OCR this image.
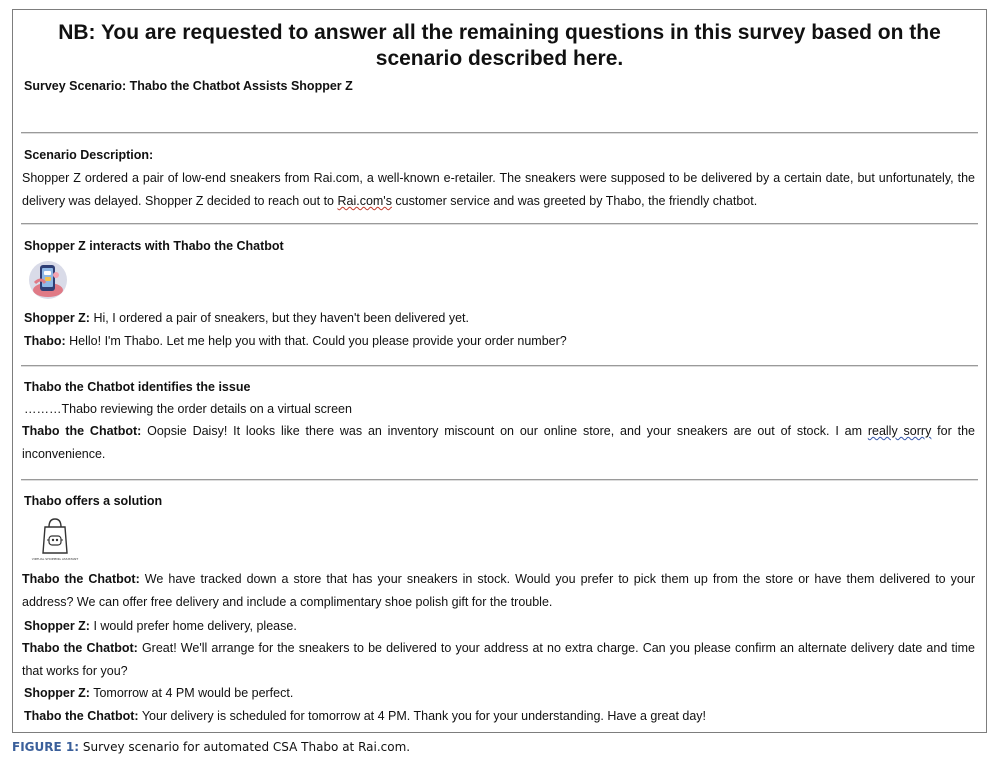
NB: You are requested to answer all the remaining questions in this survey based on the
scenario described here.
Survey Scenario: Thabo the Chatbot Assists Shopper Z
Scenario Description:
Shopper Z ordered a pair of low-end sneakers from Rai.com, a well-known e-retailer. The sneakers were supposed to be delivered by a certain date, but unfortunately, the delivery was delayed. Shopper Z decided to reach out to Rai.com's customer service and was greeted by Thabo, the friendly chatbot.
Shopper Z interacts with Thabo the Chatbot
Shopper Z: Hi, I ordered a pair of sneakers, but they haven't been delivered yet.
Thabo: Hello! I'm Thabo. Let me help you with that. Could you please provide your order number?
Thabo the Chatbot identifies the issue
………Thabo reviewing the order details on a virtual screen
Thabo the Chatbot: Oopsie Daisy! It looks like there was an inventory miscount on our online store, and your sneakers are out of stock. I am really sorry for the inconvenience.
Thabo offers a solution
VIRTUAL SHOPPING ASSISTANT
Thabo the Chatbot: We have tracked down a store that has your sneakers in stock. Would you prefer to pick them up from the store or have them delivered to your address? We can offer free delivery and include a complimentary shoe polish gift for the trouble.
Shopper Z: I would prefer home delivery, please.
Thabo the Chatbot: Great! We'll arrange for the sneakers to be delivered to your address at no extra charge. Can you please confirm an alternate delivery date and time that works for you?
Shopper Z: Tomorrow at 4 PM would be perfect.
Thabo the Chatbot: Your delivery is scheduled for tomorrow at 4 PM. Thank you for your understanding. Have a great day!
FIGURE 1: Survey scenario for automated CSA Thabo at Rai.com.
